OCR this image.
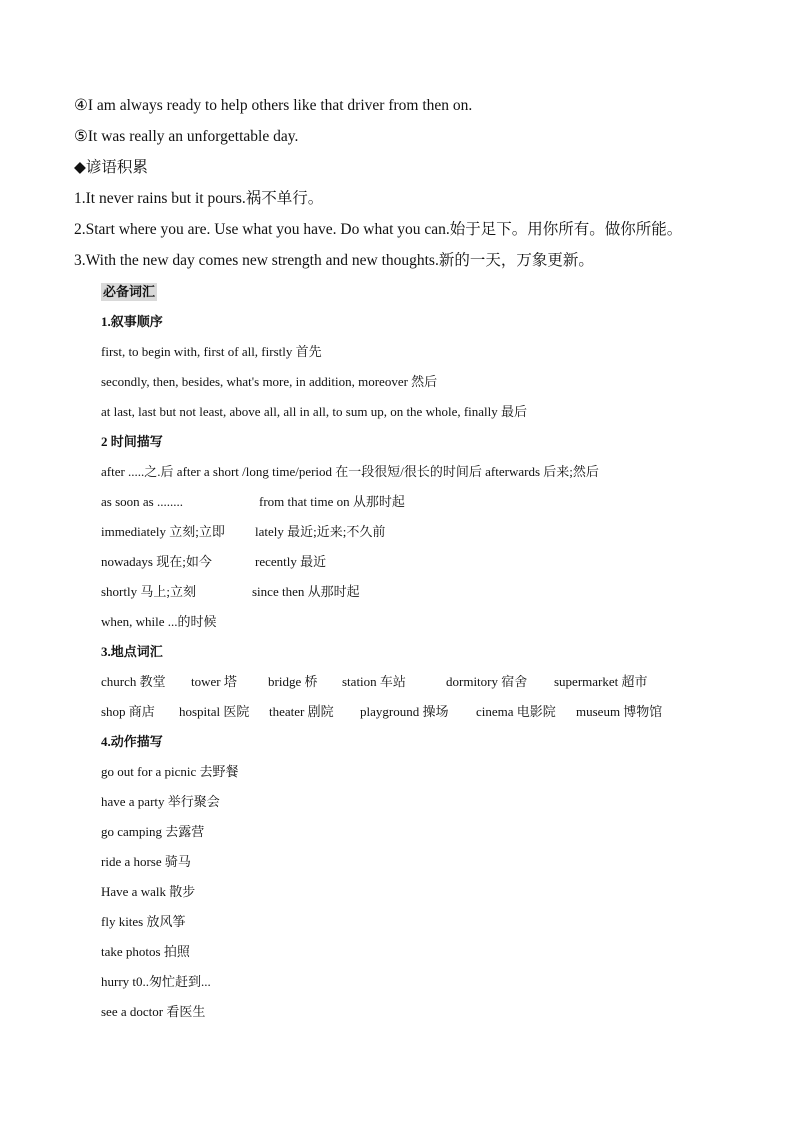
④I am always ready to help others like that driver from then on.
⑤It was really an unforgettable day.
◆谚语积累
1.It never rains but it pours.祸不单行。
2.Start where you are. Use what you have. Do what you can.始于足下。用你所有。做你所能。
3.With the new day comes new strength and new thoughts.新的一天，万象更新。
必备词汇
1.叙事顺序
first, to begin with, first of all, firstly 首先
secondly, then, besides, what's more, in addition, moreover 然后
at last, last but not least, above all, all in all, to sum up, on the whole, finally 最后
2 时间描写
after .....之.后 after a short /long time/period 在一段很短/很长的时间后 afterwards 后来;然后
as soon as ........	from that time on 从那时起
immediately 立刻;立即 lately 最近;近来;不久前
nowadays 现在;如今	recently 最近
shortly 马上;立刻	since then 从那时起
when, while ...的时候
3.地点词汇
church 教堂 tower 塔 bridge 桥 station 车站	dormitory 宿舍 supermarket 超市
shop 商店 hospital 医院 theater 剧院 playground 操场 cinema 电影院 museum 博物馆
4.动作描写
go out for a picnic 去野餐
have a party 举行聚会
go camping 去露营
ride a horse 骑马
Have a walk 散步
fly kites 放风筝
take photos 拍照
hurry t0..匆忙赶到...
see a doctor 看医生
